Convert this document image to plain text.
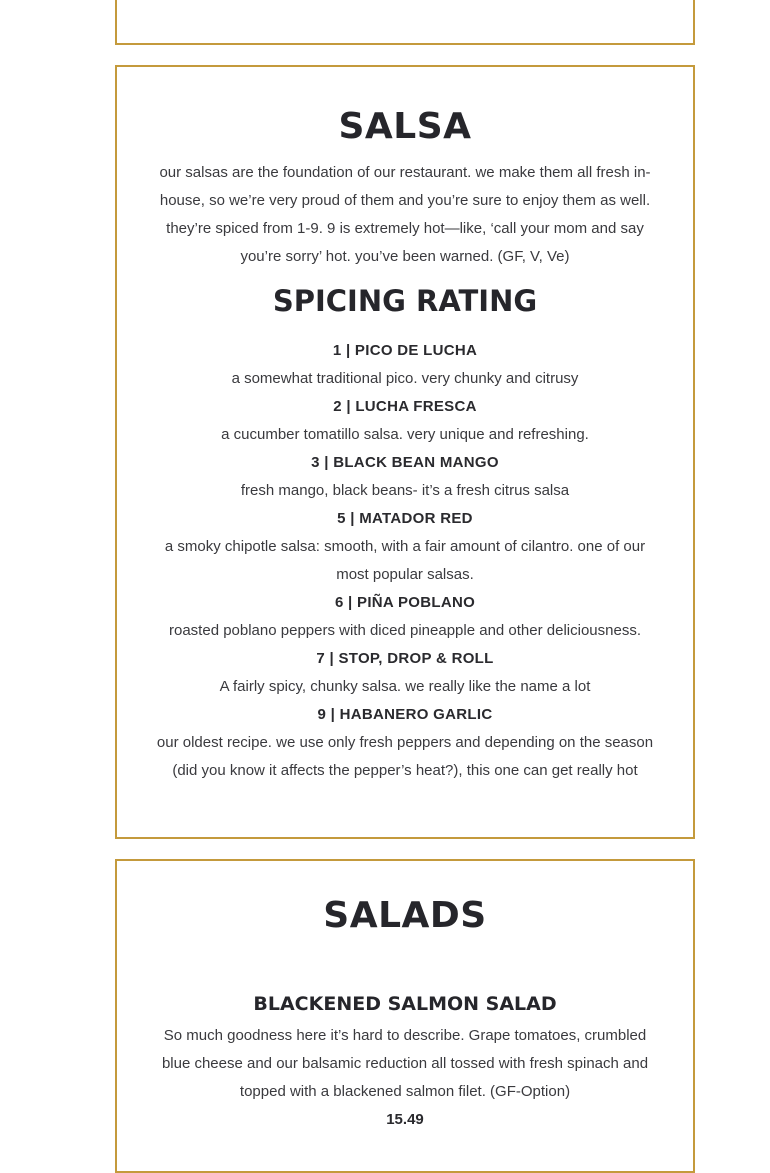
SALSA

our salsas are the foundation of our restaurant. we make them all fresh in-house, so we’re very proud of them and you’re sure to enjoy them as well. they’re spiced from 1-9. 9 is extremely hot—like, ‘call your mom and say you’re sorry’ hot. you’ve been warned. (GF, V, Ve)

SPICING RATING
1 | PICO DE LUCHA
a somewhat traditional pico. very chunky and citrusy
2 | LUCHA FRESCA
a cucumber tomatillo salsa. very unique and refreshing.
3 | BLACK BEAN MANGO
fresh mango, black beans- it’s a fresh citrus salsa
5 | MATADOR RED
a smoky chipotle salsa: smooth, with a fair amount of cilantro. one of our most popular salsas.
6 | PIÑA POBLANO
roasted poblano peppers with diced pineapple and other deliciousness.
7 | STOP, DROP & ROLL
A fairly spicy, chunky salsa. we really like the name a lot
9 | HABANERO GARLIC
our oldest recipe. we use only fresh peppers and depending on the season (did you know it affects the pepper’s heat?), this one can get really hot
SALADS
BLACKENED SALMON SALAD
So much goodness here it’s hard to describe. Grape tomatoes, crumbled blue cheese and our balsamic reduction all tossed with fresh spinach and topped with a blackened salmon filet. (GF-Option)
15.49
